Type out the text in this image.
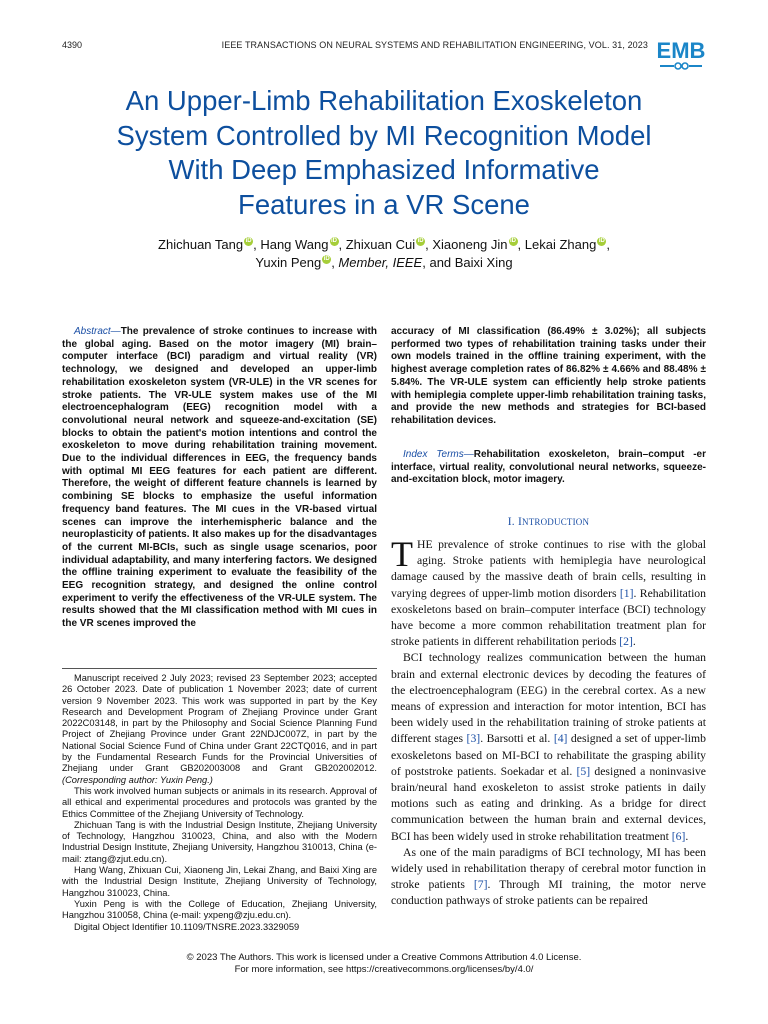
4390	IEEE TRANSACTIONS ON NEURAL SYSTEMS AND REHABILITATION ENGINEERING, VOL. 31, 2023 EMB
An Upper-Limb Rehabilitation Exoskeleton
System Controlled by MI Recognition Model
With Deep Emphasized Informative
Features in a VR Scene
Zhichuan Tang iD , Hang Wang iD , Zhixuan Cui iD , Xiaoneng Jin iD , Lekai Zhang iD ,
Yuxin Peng iD , Member, IEEE, and Baixi Xing
Abstract—The prevalence of stroke continues to increase with the global aging. Based on the motor imagery (MI) brain–computer interface (BCI) paradigm and virtual reality (VR) technology, we designed and developed an upper-limb rehabilitation exoskeleton system (VR-ULE) in the VR scenes for stroke patients. The VR-ULE system makes use of the MI electroencephalogram (EEG) recognition model with a convolutional neural network and squeeze-and-excitation (SE) blocks to obtain the patient's motion intentions and control the exoskeleton to move during rehabilitation training movement. Due to the individual differences in EEG, the frequency bands with optimal MI EEG features for each patient are different. Therefore, the weight of different feature channels is learned by combining SE blocks to emphasize the useful information frequency band features. The MI cues in the VR-based virtual scenes can improve the interhemispheric balance and the neuroplasticity of patients. It also makes up for the disadvantages of the current MI-BCIs, such as single usage scenarios, poor individual adaptability, and many interfering factors. We designed the offline training experiment to evaluate the feasibility of the EEG recognition strategy, and designed the online control experiment to verify the effectiveness of the VR-ULE system. The results showed that the MI classification method with MI cues in the VR scenes improved the
accuracy of MI classification (86.49% ± 3.02%); all subjects performed two types of rehabilitation training tasks under their own models trained in the offline training experiment, with the highest average completion rates of 86.82% ± 4.66% and 88.48% ± 5.84%. The VR-ULE system can efficiently help stroke patients with hemiplegia complete upper-limb rehabilitation training tasks, and provide the new methods and strategies for BCI-based rehabilitation devices.
Index Terms—Rehabilitation exoskeleton, brain–comput -er interface, virtual reality, convolutional neural networks, squeeze-and-excitation block, motor imagery.

Manuscript received 2 July 2023; revised 23 September 2023; accepted 26 October 2023. Date of publication 1 November 2023; date of current version 9 November 2023. This work was supported in part by the Key Research and Development Program of Zhejiang Province under Grant 2022C03148, in part by the Philosophy and Social Science Planning Fund Project of Zhejiang Province under Grant 22NDJC007Z, in part by the National Social Science Fund of China under Grant 22CTQ016, and in part by the Fundamental Research Funds for the Provincial Universities of Zhejiang under Grant GB202003008 and Grant GB202002012. (Corresponding author: Yuxin Peng.)

This work involved human subjects or animals in its research. Approval of all ethical and experimental procedures and protocols was granted by the Ethics Committee of the Zhejiang University of Technology.

Zhichuan Tang is with the Industrial Design Institute, Zhejiang University of Technology, Hangzhou 310023, China, and also with the Modern Industrial Design Institute, Zhejiang University, Hangzhou 310013, China (e-mail: ztang@zjut.edu.cn).

Hang Wang, Zhixuan Cui, Xiaoneng Jin, Lekai Zhang, and Baixi Xing are with the Industrial Design Institute, Zhejiang University of Technology, Hangzhou 310023, China.

Yuxin Peng is with the College of Education, Zhejiang University, Hangzhou 310058, China (e-mail: yxpeng@zju.edu.cn).

Digital Object Identifier 10.1109/TNSRE.2023.3329059

I. INTRODUCTION

THE prevalence of stroke continues to rise with the global aging. Stroke patients with hemiplegia have neurological damage caused by the massive death of brain cells, resulting in varying degrees of upper-limb motion disorders [1]. Rehabilitation exoskeletons based on brain–computer interface (BCI) technology have become a more common rehabilitation treatment plan for stroke patients in different rehabilitation periods [2].

BCI technology realizes communication between the human brain and external electronic devices by decoding the features of the electroencephalogram (EEG) in the cerebral cortex. As a new means of expression and interaction for motor intention, BCI has been widely used in the rehabilitation training of stroke patients at different stages [3]. Barsotti et al. [4] designed a set of upper-limb exoskeletons based on MI-BCI to rehabilitate the grasping ability of poststroke patients. Soekadar et al. [5] designed a noninvasive brain/neural hand exoskeleton to assist stroke patients in daily motions such as eating and drinking. As a bridge for direct communication between the human brain and external devices, BCI has been widely used in stroke rehabilitation treatment [6].

As one of the main paradigms of BCI technology, MI has been widely used in rehabilitation therapy of cerebral motor function in stroke patients [7]. Through MI training, the motor nerve conduction pathways of stroke patients can be repaired

© 2023 The Authors. This work is licensed under a Creative Commons Attribution 4.0 License.
For more information, see https://creativecommons.org/licenses/by/4.0/
